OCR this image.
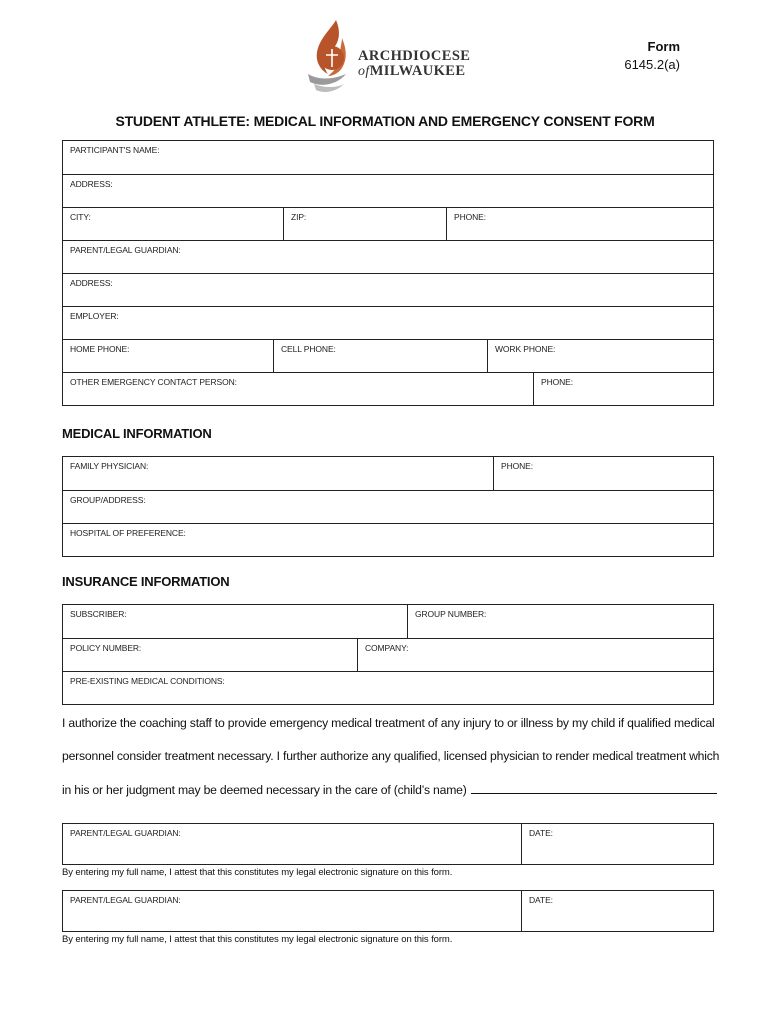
ARCHDIOCESE
ofMILWAUKEE
Form
6145.2(a)
STUDENT ATHLETE: MEDICAL INFORMATION AND EMERGENCY CONSENT FORM
PARTICIPANT'S NAME:
ADDRESS:
CITY:	ZIP:	PHONE:
PARENT/LEGAL GUARDIAN:
ADDRESS:
EMPLOYER:
HOME PHONE:	CELL PHONE:	WORK PHONE:
OTHER EMERGENCY CONTACT PERSON:	PHONE:
MEDICAL INFORMATION
FAMILY PHYSICIAN:	PHONE:
GROUP/ADDRESS:
HOSPITAL OF PREFERENCE:
INSURANCE INFORMATION
SUBSCRIBER:	GROUP NUMBER:
POLICY NUMBER:	COMPANY:
PRE-EXISTING MEDICAL CONDITIONS:
I authorize the coaching staff to provide emergency medical treatment of any injury to or illness by my child if qualified medical
personnel consider treatment necessary. I further authorize any qualified, licensed physician to render medical treatment which
in his or her judgment may be deemed necessary in the care of (child’s name)
PARENT/LEGAL GUARDIAN:	DATE:
By entering my full name, I attest that this constitutes my legal electronic signature on this form.
PARENT/LEGAL GUARDIAN:	DATE:
By entering my full name, I attest that this constitutes my legal electronic signature on this form.
